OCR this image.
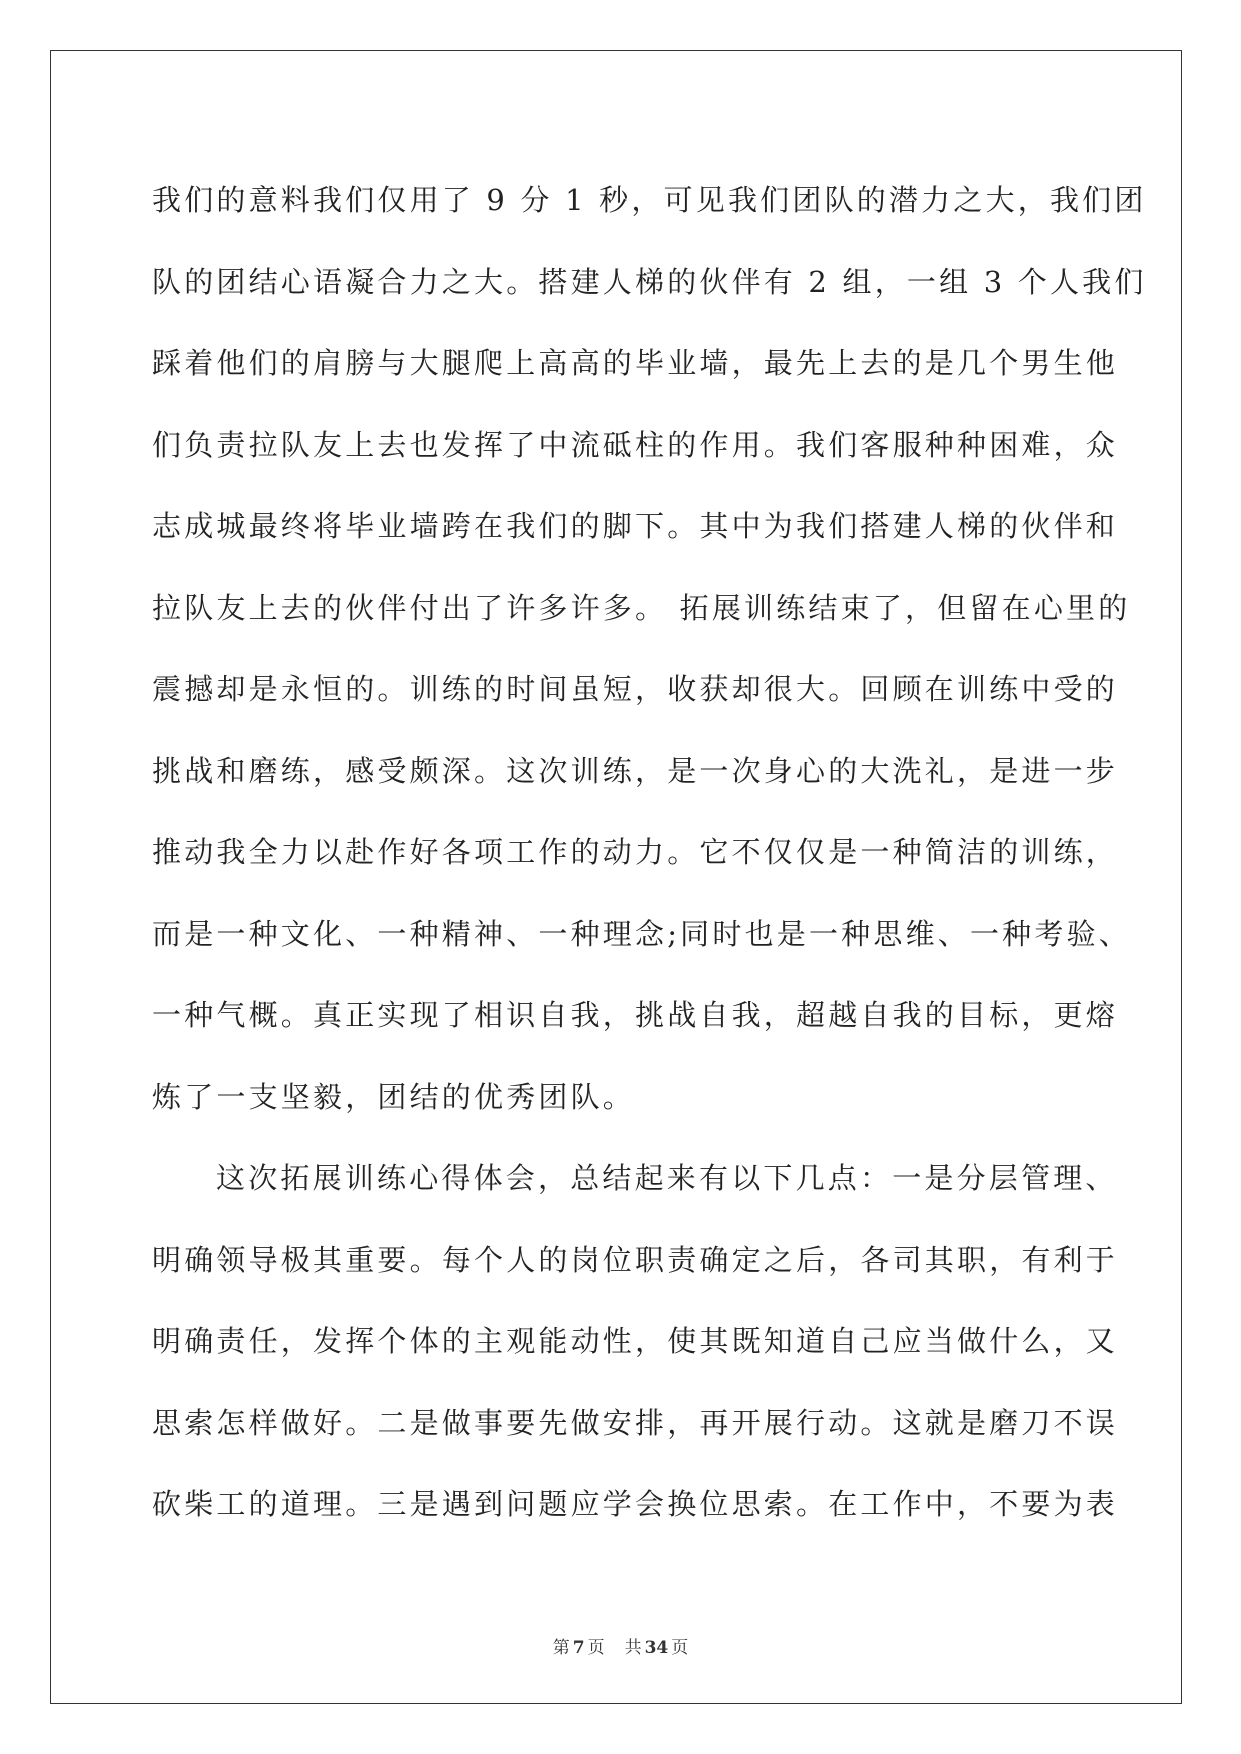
我们的意料我们仅用了 9 分 1 秒，可见我们团队的潜力之大，我们团

队的团结心语凝合力之大。搭建人梯的伙伴有 2 组，一组 3 个人我们

踩着他们的肩膀与大腿爬上高高的毕业墙，最先上去的是几个男生他

们负责拉队友上去也发挥了中流砥柱的作用。我们客服种种困难，众

志成城最终将毕业墙跨在我们的脚下。其中为我们搭建人梯的伙伴和

拉队友上去的伙伴付出了许多许多。 拓展训练结束了，但留在心里的

震撼却是永恒的。训练的时间虽短，收获却很大。回顾在训练中受的

挑战和磨练，感受颇深。这次训练，是一次身心的大洗礼，是进一步

推动我全力以赴作好各项工作的动力。它不仅仅是一种简洁的训练，

而是一种文化、一种精神、一种理念;同时也是一种思维、一种考验、

一种气概。真正实现了相识自我，挑战自我，超越自我的目标，更熔

炼了一支坚毅，团结的优秀团队。

这次拓展训练心得体会，总结起来有以下几点：一是分层管理、

明确领导极其重要。每个人的岗位职责确定之后，各司其职，有利于

明确责任，发挥个体的主观能动性，使其既知道自己应当做什么，又

思索怎样做好。二是做事要先做安排，再开展行动。这就是磨刀不误

砍柴工的道理。三是遇到问题应学会换位思索。在工作中，不要为表

第 7 页 共 34 页
